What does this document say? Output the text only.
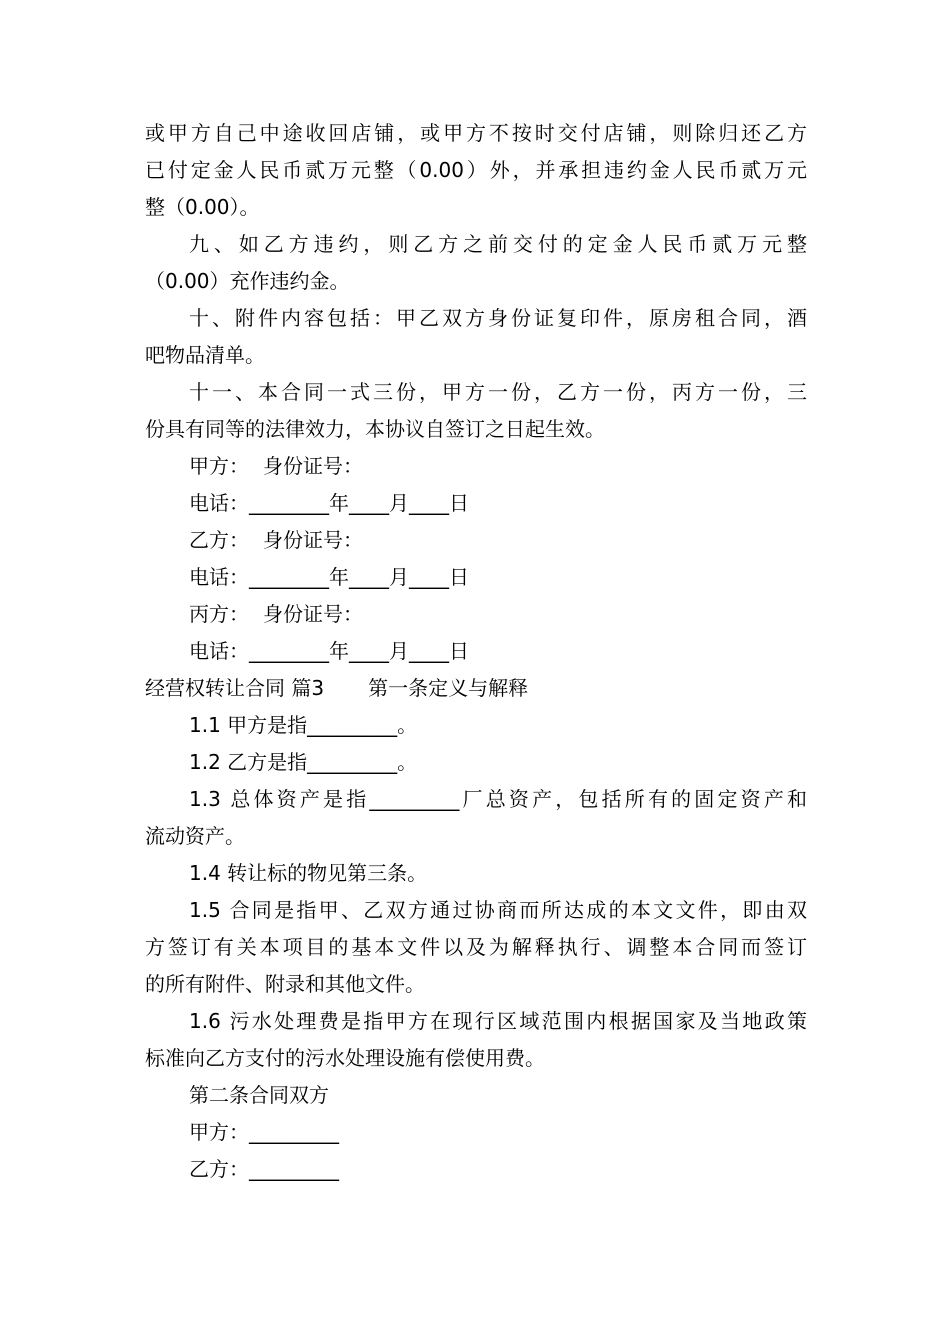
或甲方自己中途收回店铺，或甲方不按时交付店铺，则除归还乙方
已付定金人民币贰万元整（0.00）外，并承担违约金人民币贰万元
整（0.00）。
九、如乙方违约，则乙方之前交付的定金人民币贰万元整
（0.00）充作违约金。
十、附件内容包括：甲乙双方身份证复印件，原房租合同，酒
吧物品清单。
十一、本合同一式三份，甲方一份，乙方一份，丙方一份，三
份具有同等的法律效力，本协议自签订之日起生效。
甲方： 身份证号：
电话：________年____月____日
乙方： 身份证号：
电话：________年____月____日
丙方： 身份证号：
电话：________年____月____日
经营权转让合同 篇3 第一条定义与解释
1.1 甲方是指_________。
1.2 乙方是指_________。
1.3 总体资产是指_________厂总资产，包括所有的固定资产和
流动资产。
1.4 转让标的物见第三条。
1.5 合同是指甲、乙双方通过协商而所达成的本文文件，即由双
方签订有关本项目的基本文件以及为解释执行、调整本合同而签订
的所有附件、附录和其他文件。
1.6 污水处理费是指甲方在现行区域范围内根据国家及当地政策
标准向乙方支付的污水处理设施有偿使用费。
第二条合同双方
甲方：_________
乙方：_________
